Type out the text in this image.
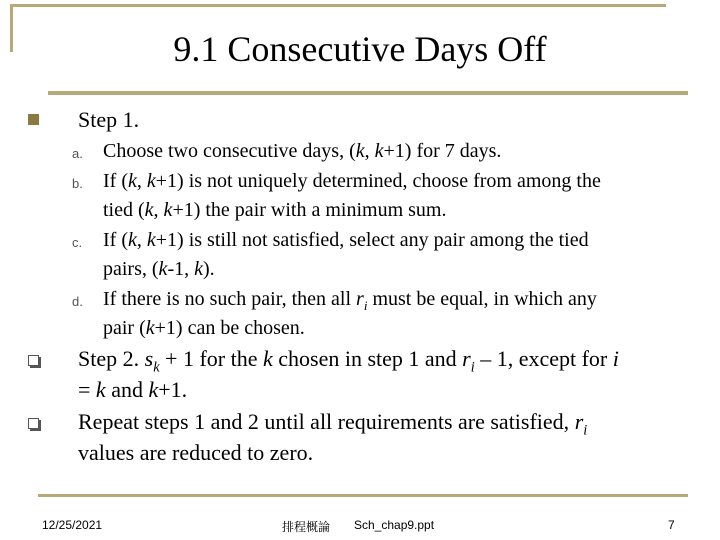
9.1 Consecutive Days Off
Step 1.
a. Choose two consecutive days, (k, k+1) for 7 days.
b. If (k, k+1) is not uniquely determined, choose from among the
tied (k, k+1) the pair with a minimum sum.
c. If (k, k+1) is still not satisfied, select any pair among the tied
pairs, (k-1, k).
d. If there is no such pair, then all $r_i$ must be equal, in which any
pair (k+1) can be chosen.
Step 2. $s_k + 1$ for the k chosen in step 1 and $r_i - 1$, except for i
= k and k+1.
Repeat steps 1 and 2 until all requirements are satisfied, $r_i$
values are reduced to zero.
12/25/2021	排程概論 Sch_chap9.ppt	7
